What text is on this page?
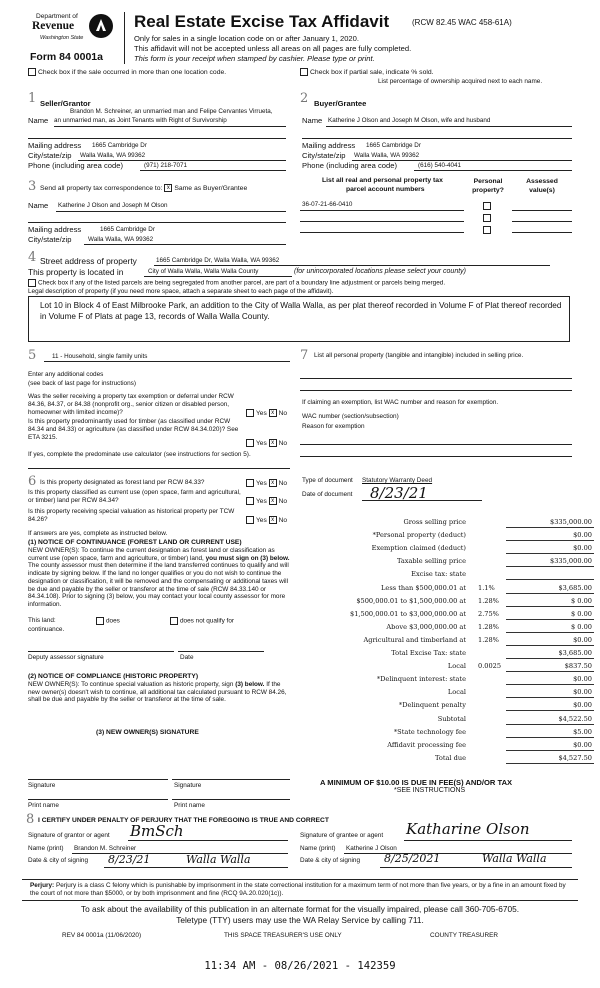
Department of
Revenue
Washington State
Form 84 0001a
Real Estate Excise Tax Affidavit	(RCW 82.45 WAC 458-61A)
Only for sales in a single location code on or after January 1, 2020.
This affidavit will not be accepted unless all areas on all pages are fully completed.
This form is your receipt when stamped by cashier. Please type or print.
Check box if the sale occurred in more than one location code.	Check box if partial sale, indicate % sold.
List percentage of ownership acquired next to each name.
1 Seller/Grantor
Brandon M. Schreiner, an unmarried man and Felipe Cervantes Virrueta,
Name an unmarried man, as Joint Tenants with Right of Survivorship
Mailing address 1665 Cambridge Dr
City/state/zip Walla Walla, WA 99362
Phone (including area code)	(971) 218-7071
2 Buyer/Grantee
Name Katherine J Olson and Joseph M Olson, wife and husband
Mailing address 1665 Cambridge Dr
City/state/zip Walla Walla, WA 99362
Phone (including area code)	(616) 540-4041
3 Send all property tax correspondence to: x Same as Buyer/Grantee
Name Katherine J Olson and Joseph M Olson
Mailing address	1665 Cambridge Dr
City/state/zip	Walla Walla, WA 99362
List all real and personal property tax
parcel account numbers
Personal property?
Assessed value(s)
36-07-21-66-0410
4 Street address of property	1665 Cambridge Dr, Walla Walla, WA 99362
This property is located in	City of Walla Walla, Walla Walla County	(for unincorporated locations please select your county)
Check box if any of the listed parcels are being segregated from another parcel, are part of a boundary line adjustment or parcels being merged.
Legal description of property (if you need more space, attach a separate sheet to each page of the affidavit).
Lot 10 in Block 4 of East Milbrooke Park, an addition to the City of Walla Walla, as per plat thereof recorded in Volume F of Plat thereof recorded in Volume F of Plats at page 13, records of Walla Walla County.
5 11 - Household, single family units
Enter any additional codes
(see back of last page for instructions)
Was the seller receiving a property tax exemption or deferral under RCW 84.36, 84.37, or 84.38 (nonprofit org., senior citizen or disabled person, homeowner with limited income)?	Yes x No
Is this property predominantly used for timber (as classified under RCW 84.34 and 84.33) or agriculture (as classified under RCW 84.34.020)? See ETA 3215.
Yes x No
If yes, complete the predominate use calculator (see instructions for section 5).
7 List all personal property (tangible and intangible) included in selling price.
If claiming an exemption, list WAC number and reason for exemption.
WAC number (section/subsection)
Reason for exemption
6 Is this property designated as forest land per RCW 84.33?	Yes x No
Is this property classified as current use (open space, farm and agricultural, or timber) land per RCW 84.34?	Yes x No
Is this property receiving special valuation as historical property per TCW 84.26?	Yes x No
If answers are yes, complete as instructed below.
(1) NOTICE OF CONTINUANCE (FOREST LAND OR CURRENT USE)
NEW OWNER(S): To continue the current designation as forest land or classification as current use (open space, farm and agriculture, or timber) land, you must sign on (3) below. The county assessor must then determine if the land transferred continues to qualify and will indicate by signing below. If the land no longer qualifies or you do not wish to continue the designation or classification, it will be removed and the compensating or additional taxes will be due and payable by the seller or transferor at the time of sale (RCW 84.33.140 or 84.34.108). Prior to signing (3) below, you may contact your local county assessor for more information.
This land:	does	does not qualify for
continuance.
Deputy assessor signature	Date
(2) NOTICE OF COMPLIANCE (HISTORIC PROPERTY)
NEW OWNER(S): To continue special valuation as historic property, sign (3) below. If the new owner(s) doesn't wish to continue, all additional tax calculated pursuant to RCW 84.26, shall be due and payable by the seller or transferor at the time of sale.
(3) NEW OWNER(S) SIGNATURE
Signature	Signature
Print name	Print name
Type of document Statutory Warranty Deed
Date of document 8/23/21
Gross selling price	$335,000.00
*Personal property (deduct)	$0.00
Exemption claimed (deduct)	$0.00
Taxable selling price	$335,000.00
Excise tax: state
Less than $500,000.01 at 1.1%	$3,685.00
$500,000.01 to $1,500,000.00 at 1.28%	$ 0.00
$1,500,000.01 to $3,000,000.00 at 2.75%	$ 0.00
Above $3,000,000.00 at 1.28%	$ 0.00
Agricultural and timberland at 1.28%	$0.00
Total Excise Tax: state	$3,685.00
Local 0.0025	$837.50
*Delinquent interest: state	$0.00
Local	$0.00
*Delinquent penalty	$0.00
Subtotal	$4,522.50
*State technology fee	$5.00
Affidavit processing fee	$0.00
Total due	$4,527.50
A MINIMUM OF $10.00 IS DUE IN FEE(S) AND/OR TAX
*SEE INSTRUCTIONS
8 I CERTIFY UNDER PENALTY OF PERJURY THAT THE FOREGOING IS TRUE AND CORRECT
Signature of grantor or agent BmSch
Name (print) Brandon M. Schreiner
Date & city of signing 8/23/21	Walla Walla
Signature of grantee or agent Katharine Olson
Name (print) Katherine J Olson
Date & city of signing 8/25/2021	Walla Walla
Perjury: Perjury is a class C felony which is punishable by imprisonment in the state correctional institution for a maximum term of not more than five years, or by a fine in an amount fixed by the court of not more than $5000, or by both imprisonment and fine (RCQ 9A.20.020(1c)).
To ask about the availability of this publication in an alternate format for the visually impaired, please call 360-705-6705.
Teletype (TTY) users may use the WA Relay Service by calling 711.
REV 84 0001a (11/06/2020)	THIS SPACE TREASURER'S USE ONLY	COUNTY TREASURER
11:34 AM - 08/26/2021 - 142359
